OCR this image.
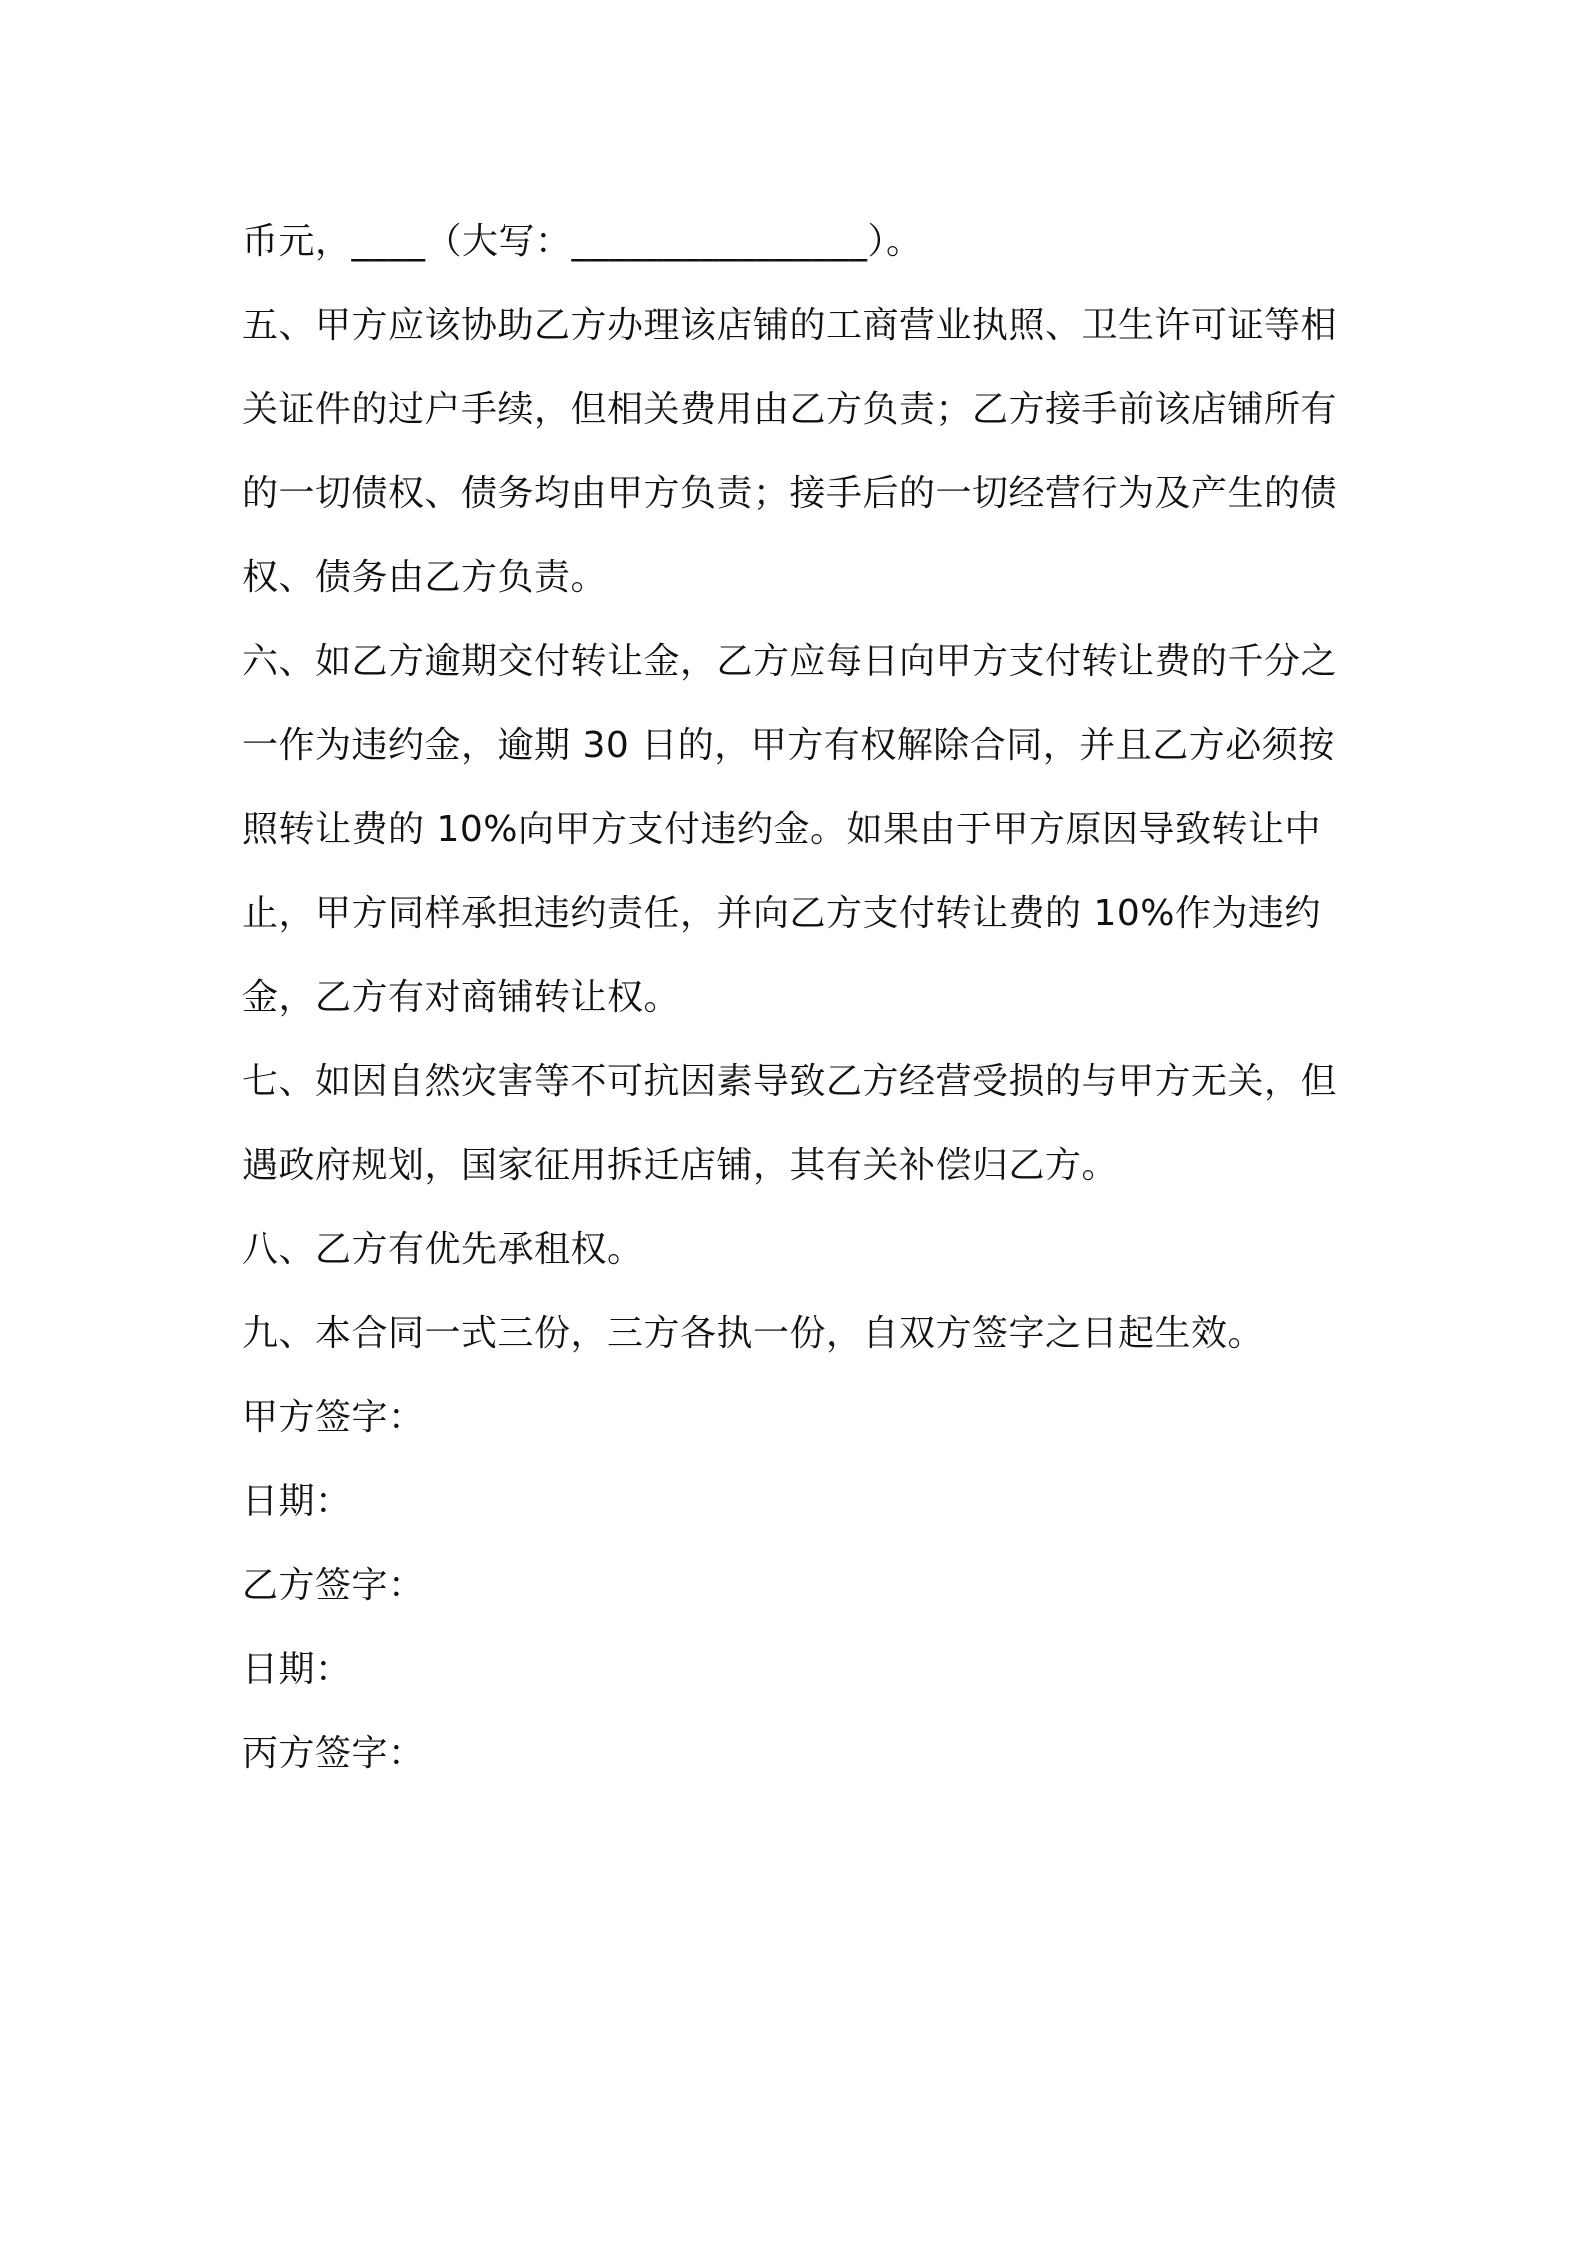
币元，____（大写：________________）。
五、甲方应该协助乙方办理该店铺的工商营业执照、卫生许可证等相
关证件的过户手续，但相关费用由乙方负责；乙方接手前该店铺所有
的一切债权、债务均由甲方负责；接手后的一切经营行为及产生的债
权、债务由乙方负责。
六、如乙方逾期交付转让金，乙方应每日向甲方支付转让费的千分之
一作为违约金，逾期 30 日的，甲方有权解除合同，并且乙方必须按
照转让费的 10%向甲方支付违约金。如果由于甲方原因导致转让中
止，甲方同样承担违约责任，并向乙方支付转让费的 10%作为违约
金，乙方有对商铺转让权。
七、如因自然灾害等不可抗因素导致乙方经营受损的与甲方无关，但
遇政府规划，国家征用拆迁店铺，其有关补偿归乙方。
八、乙方有优先承租权。
九、本合同一式三份，三方各执一份，自双方签字之日起生效。
甲方签字：
日期：
乙方签字：
日期：
丙方签字：
